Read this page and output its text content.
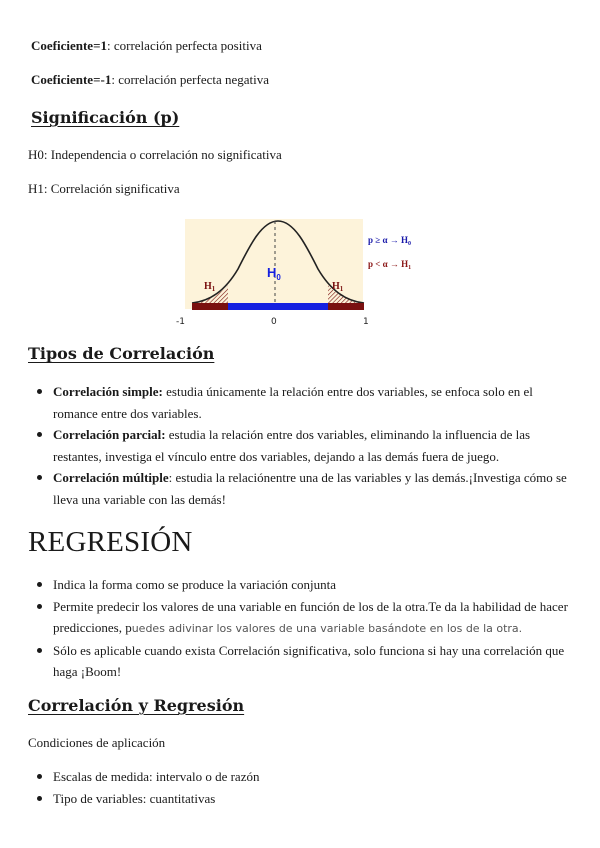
Coeficiente=1: correlación perfecta positiva
Coeficiente=-1: correlación perfecta negativa
Significación (p)
H0: Independencia o correlación no significativa
H1: Correlación significativa
$H_0$
$H_1$	$H_1$
-1	0	1
$p \ge \alpha \to H_0$
$p < \alpha \to H_1$
Tipos de Correlación
Correlación simple: estudia únicamente la relación entre dos variables, se enfoca solo en el romance entre dos variables.
Correlación parcial: estudia la relación entre dos variables, eliminando la influencia de las restantes, investiga el vínculo entre dos variables, dejando a las demás fuera de juego.
Correlación múltiple: estudia la relaciónentre una de las variables y las demás.¡Investiga cómo se lleva una variable con las demás!
REGRESIÓN
Indica la forma como se produce la variación conjunta
Permite predecir los valores de una variable en función de los de la otra.Te da la habilidad de hacer predicciones, puedes adivinar los valores de una variable basándote en los de la otra.
Sólo es aplicable cuando exista Correlación significativa, solo funciona si hay una correlación que haga ¡Boom!
Correlación y Regresión
Condiciones de aplicación
Escalas de medida: intervalo o de razón
Tipo de variables: cuantitativas
